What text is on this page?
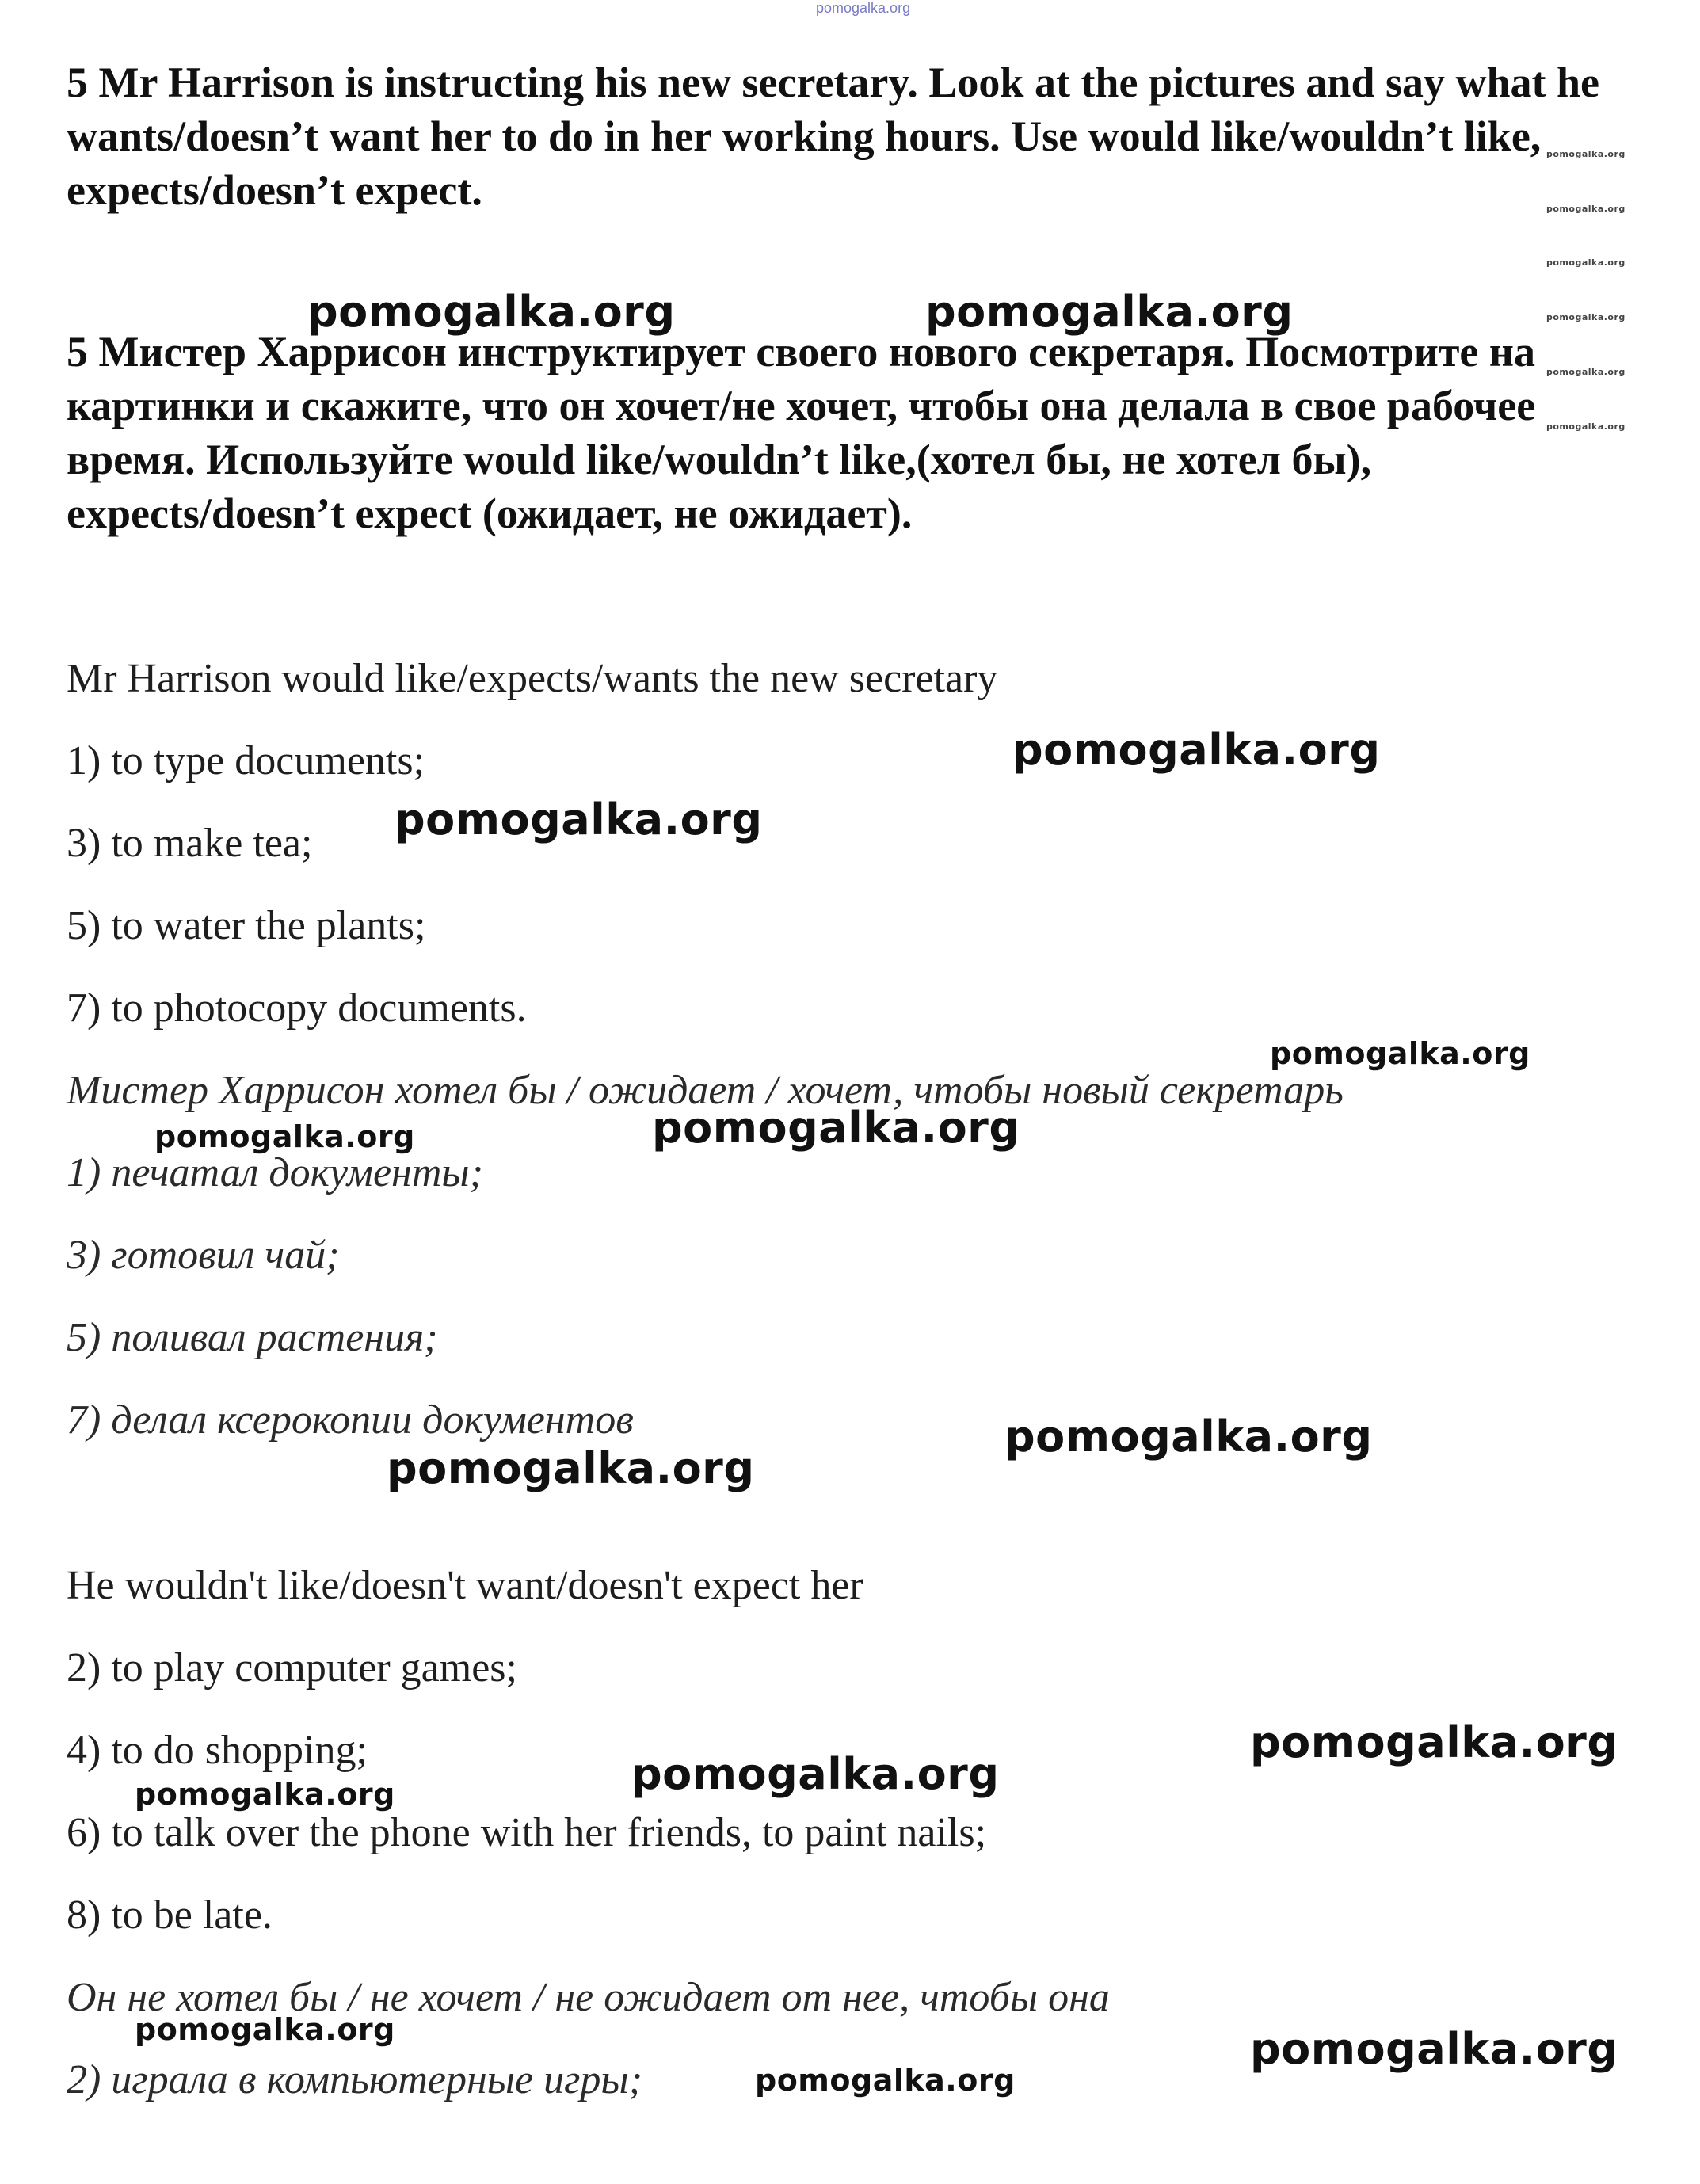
pomogalka.org
5 Mr Harrison is instructing his new secretary. Look at the pictures and say what he wants/doesn’t want her to do in her working hours. Use would like/wouldn’t like, expects/doesn’t expect.
5 Мистер Харрисон инструктирует своего нового секретаря. Посмотрите на картинки и скажите, что он хочет/не хочет, чтобы она делала в свое рабочее время. Используйте would like/wouldn’t like,(хотел бы, не хотел бы), expects/doesn’t expect (ожидает, не ожидает).
Mr Harrison would like/expects/wants the new secretary
1) to type documents;
3) to make tea;
5) to water the plants;
7) to photocopy documents.
Мистер Харрисон хотел бы / ожидает / хочет, чтобы новый секретарь
1) печатал документы;
3) готовил чай;
5) поливал растения;
7) делал ксерокопии документов
He wouldn't like/doesn't want/doesn't expect her
2) to play computer games;
4) to do shopping;
6) to talk over the phone with her friends, to paint nails;
8) to be late.
Он не хотел бы / не хочет / не ожидает от нее, чтобы она
2) играла в компьютерные игры;
pomogalka.org	pomogalka.org
pomogalka.org
pomogalka.org
pomogalka.org
pomogalka.org
pomogalka.org
pomogalka.org
pomogalka.org
pomogalka.org
pomogalka.org
pomogalka.org
pomogalka.org
pomogalka.org
pomogalka.org
pomogalka.org
pomogalka.org
pomogalka.org
pomogalka.org
pomogalka.org
pomogalka.org
